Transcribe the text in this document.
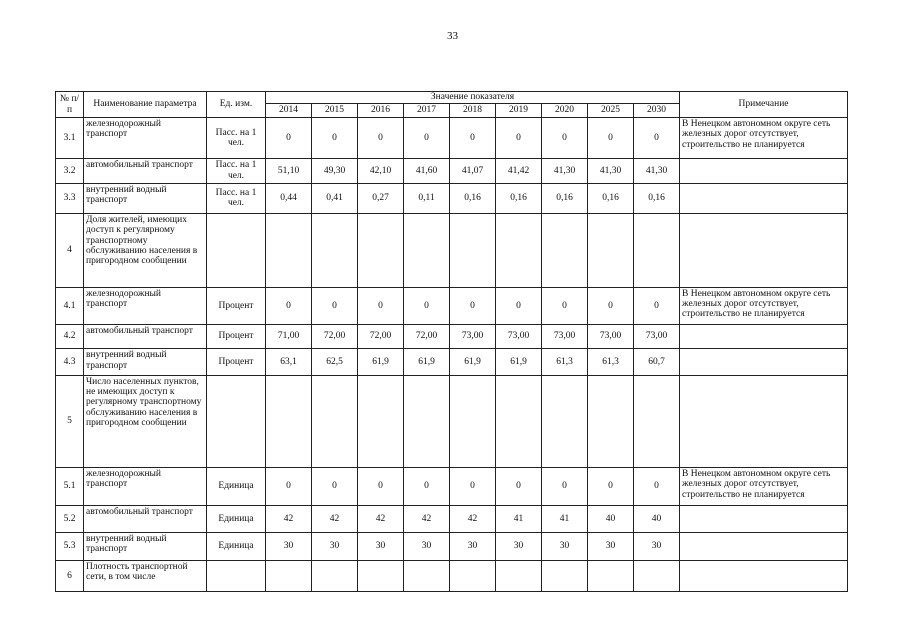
33
№ п/п	Наименование параметра	Ед. изм.	Значение показателя									Примечание
			2014	2015	2016	2017	2018	2019	2020	2025	2030	
3.1	железнодорожный транспорт	Пасс. на 1 чел.	0	0	0	0	0	0	0	0	0	В Ненецком автономном округе сеть железных дорог отсутствует, строительство не планируется
3.2	автомобильный транспорт	Пасс. на 1 чел.	51,10	49,30	42,10	41,60	41,07	41,42	41,30	41,30	41,30	
3.3	внутренний водный транспорт	Пасс. на 1 чел.	0,44	0,41	0,27	0,11	0,16	0,16	0,16	0,16	0,16	
4	Доля жителей, имеющих доступ к регулярному транспортному обслуживанию населения в пригородном сообщении											
4.1	железнодорожный транспорт	Процент	0	0	0	0	0	0	0	0	0	В Ненецком автономном округе сеть железных дорог отсутствует, строительство не планируется
4.2	автомобильный транспорт	Процент	71,00	72,00	72,00	72,00	73,00	73,00	73,00	73,00	73,00	
4.3	внутренний водный транспорт	Процент	63,1	62,5	61,9	61,9	61,9	61,9	61,3	61,3	60,7	
5	Число населенных пунктов, не имеющих доступ к регулярному транспортному обслуживанию населения в пригородном сообщении											
5.1	железнодорожный транспорт	Единица	0	0	0	0	0	0	0	0	0	В Ненецком автономном округе сеть железных дорог отсутствует, строительство не планируется
5.2	автомобильный транспорт	Единица	42	42	42	42	42	41	41	40	40	
5.3	внутренний водный транспорт	Единица	30	30	30	30	30	30	30	30	30	
6	Плотность транспортной сети, в том числе											
